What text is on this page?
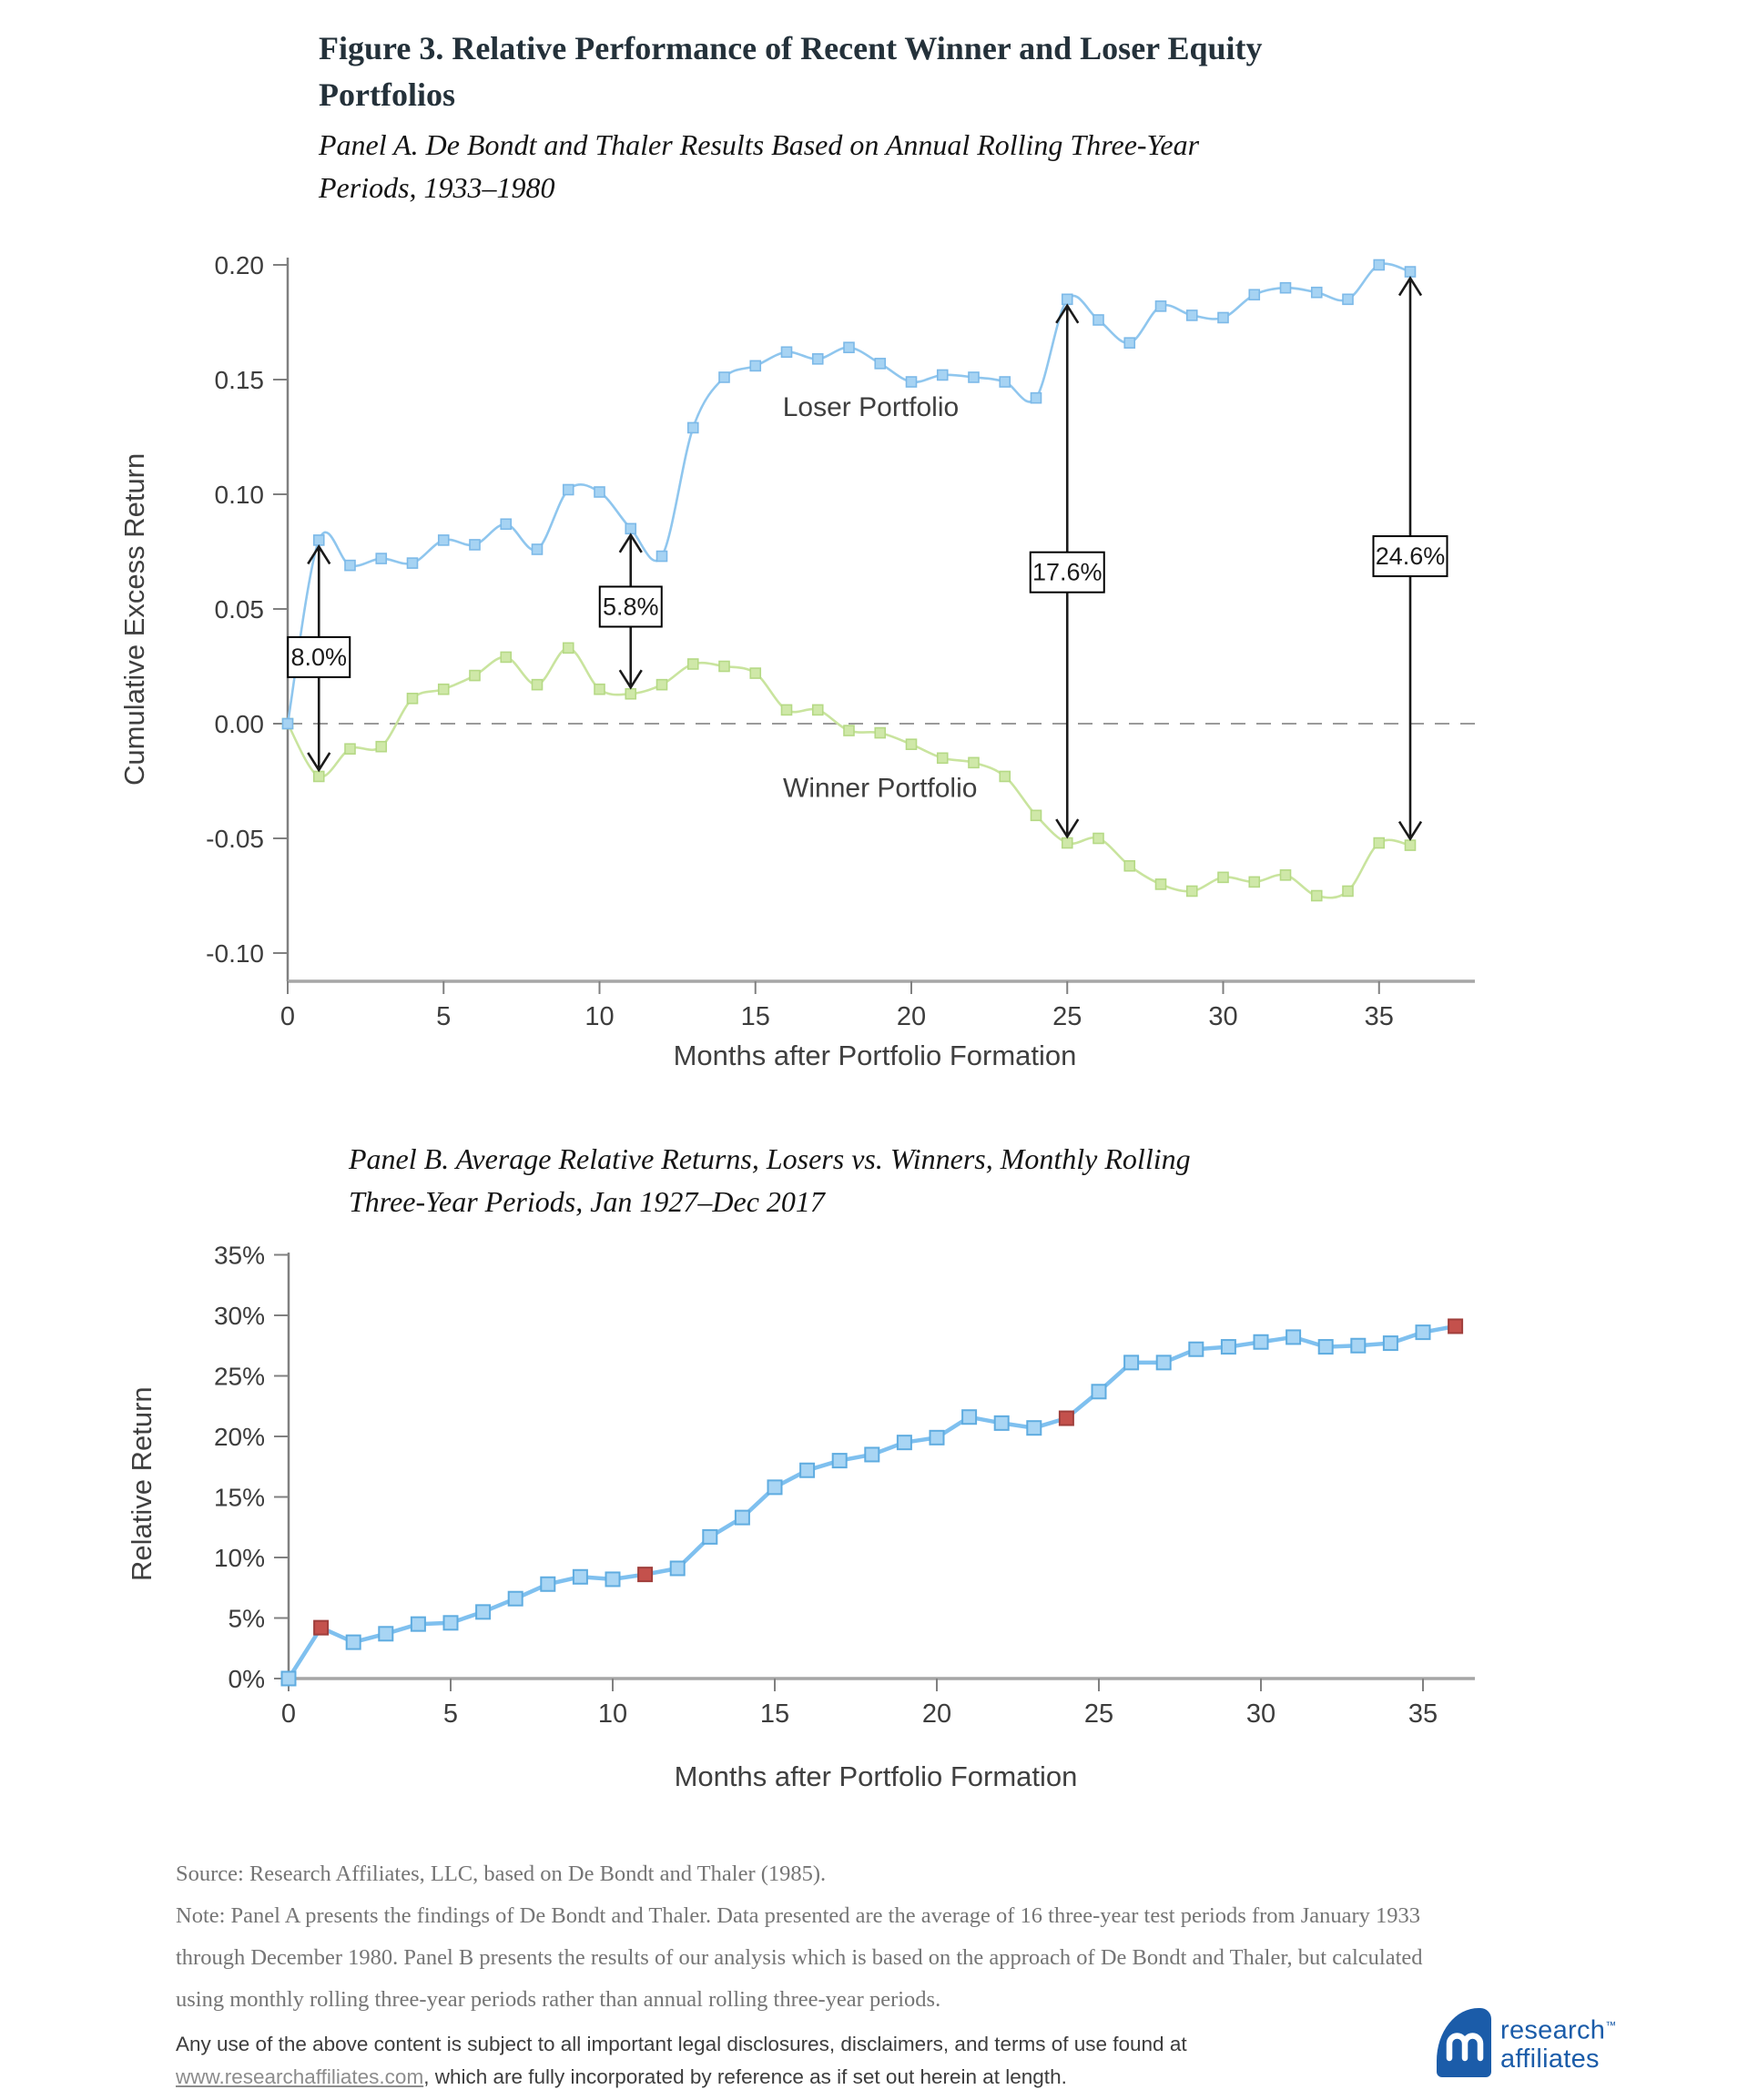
Figure 3. Relative Performance of Recent Winner and Loser Equity
Portfolios
Panel A. De Bondt and Thaler Results Based on Annual Rolling Three-Year
Periods, 1933–1980
Cumulative Excess Return
Months after Portfolio Formation
Panel B. Average Relative Returns, Losers vs. Winners, Monthly Rolling
Three-Year Periods, Jan 1927–Dec 2017
Relative Return
Months after Portfolio Formation
0.20
0.15
0.10
0.05
0.00
-0.05
-0.10
0	5	10	15	20	25	30	35
8.0%
5.8%
17.6%
24.6%
Loser Portfolio
Winner Portfolio
35%
30%
25%
20%
15%
10%
5%
0%
0	5	10	15	20	25	30	35
Source: Research Affiliates, LLC, based on De Bondt and Thaler (1985).
Note: Panel A presents the findings of De Bondt and Thaler. Data presented are the average of 16 three-year test periods from January 1933
through December 1980. Panel B presents the results of our analysis which is based on the approach of De Bondt and Thaler, but calculated
using monthly rolling three-year periods rather than annual rolling three-year periods.
Any use of the above content is subject to all important legal disclosures, disclaimers, and terms of use found at
www.researchaffiliates.com, which are fully incorporated by reference as if set out herein at length.
research™
affiliates
